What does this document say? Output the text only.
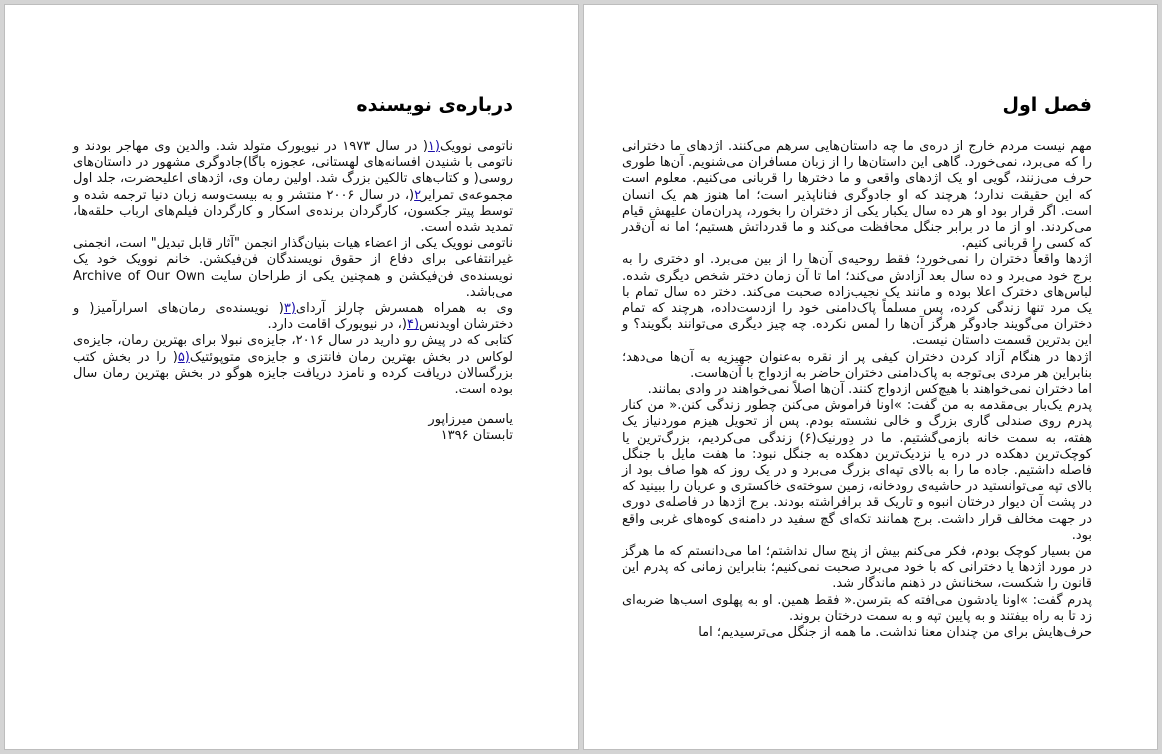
درباره‌ی نویسنده

ناتومی نوویک(۱( در سال ۱۹۷۳ در نیویورک متولد شد. والدین وی مهاجر بودند و ناتومی با شنیدن افسانه‌های لهستانی، عجوزه باگا)جادوگری مشهور در داستان‌های روسی( و کتاب‌های تالکین بزرگ شد. اولین رمان وی، اژدهای اعلیحضرت، جلد اول مجموعه‌ی تمرایر۲(، در سال ۲۰۰۶ منتشر و به بیست‌وسه زبان دنیا ترجمه شده و توسط پیتر جکسون، کارگردان برنده‌ی اسکار و کارگردان فیلم‌های ارباب حلقه‌ها، تمدید شده است.

ناتومی نوویک یکی از اعضاء هیات بنیان‌گذار انجمن "آثار قابل تبدیل" است، انجمنی غیرانتفاعی برای دفاع از حقوق نویسندگان فن‌فیکشن. خانم نوویک خود یک نویسنده‌ی فن‌فیکشن و همچنین یکی از طراحان سایت Archive of Our Own می‌باشد.

وی به همراه همسرش چارلز آردای(۳( نویسنده‌ی رمان‌های اسرارآمیز( و دخترشان اویدنس(۴(، در نیویورک اقامت دارد.

کتابی که در پیش رو دارید در سال ۲۰۱۶، جایزه‌ی نبولا برای بهترین رمان، جایزه‌ی لوکاس در بخش بهترین رمان فانتزی و جایزه‌ی متوپوئتیک(۵( را در بخش کتب بزرگسالان دریافت کرده و نامزد دریافت جایزه هوگو در بخش بهترین رمان سال بوده است.

یاسمن میرزاپور

تابستان ۱۳۹۶

فصل اول

مهم نیست مردم خارج از دره‌ی ما چه داستان‌هایی سرهم می‌کنند. اژدهای ما دخترانی را که می‌برد، نمی‌خورد. گاهی این داستان‌ها را از زبان مسافران می‌شنویم. آن‌ها طوری حرف می‌زنند، گویی او یک اژدهای واقعی و ما دخترها را قربانی می‌کنیم. معلوم است که این حقیقت ندارد؛ هرچند که او جادوگری فناناپذیر است؛ اما هنوز هم یک انسان است. اگر قرار بود او هر ده سال یکبار یکی از دختران را بخورد، پدران‌مان علیهش قیام می‌کردند. او از ما در برابر جنگل محافظت می‌کند و ما قدرداتش هستیم؛ اما نه آن‌قدر که کسی را قربانی کنیم.

اژدها واقعاً دختران را نمی‌خورد؛ فقط روحیه‌ی آن‌ها را از بین می‌برد. او دختری را به برج خود می‌برد و ده سال بعد آزادش می‌کند؛ اما تا آن زمان دختر شخص دیگری شده. لباس‌های دخترک اعلا بوده و مانند یک نجیب‌زاده صحبت می‌کند. دختر ده سال تمام با یک مرد تنها زندگی کرده، پس مسلماً پاک‌دامنی خود را ازدست‌داده، هرچند که تمام دختران می‌گویند جادوگر هرگز آن‌ها را لمس نکرده. چه چیز دیگری می‌توانند بگویند؟ و این بدترین قسمت داستان نیست.

اژدها در هنگام آزاد کردن دختران کیفی پر از نقره به‌عنوان جهیزیه به آن‌ها می‌دهد؛ بنابراین هر مردی بی‌توجه به پاک‌دامنی دختران حاضر به ازدواج با آن‌هاست.

اما دختران نمی‌خواهند با هیچ‌کس ازدواج کنند. آن‌ها اصلاً نمی‌خواهند در وادی بمانند.

پدرم یک‌بار بی‌مقدمه به من گفت: »اونا فراموش می‌کنن چطور زندگی کنن.« من کنار پدرم روی صندلی گاری بزرگ و خالی نشسته بودم. پس از تحویل هیزم موردنیاز یک هفته، به سمت خانه بازمی‌گشتیم. ما در دِورنیک(۶) زندگی می‌کردیم، بزرگ‌ترین یا کوچک‌ترین دهکده در دره یا نزدیک‌ترین دهکده به جنگل نبود: ما هفت مایل با جنگل فاصله داشتیم. جاده ما را به بالای تپه‌ای بزرگ می‌برد و در یک روز که هوا صاف بود از بالای تپه می‌توانستید در حاشیه‌ی رودخانه، زمین سوخته‌ی خاکستری و عریان را ببینید که در پشت آن دیوار درختان انبوه و تاریک قد برافراشته بودند. برج اژدها در فاصله‌ی دوری در جهت مخالف قرار داشت. برج همانند تکه‌ای گچ سفید در دامنه‌ی کوه‌های غربی واقع بود.

من بسیار کوچک بودم، فکر می‌کنم بیش از پنج سال نداشتم؛ اما می‌دانستم که ما هرگز در مورد اژدها یا دخترانی که با خود می‌برد صحبت نمی‌کنیم؛ بنابراین زمانی که پدرم این قانون را شکست، سخنانش در ذهنم ماندگار شد.

پدرم گفت: »اونا یادشون می‌افته که بترسن.« فقط همین. او به پهلوی اسب‌ها ضربه‌ای زد تا به راه بیفتند و به پایین تپه و به سمت درختان بروند.

حرف‌هایش برای من چندان معنا نداشت. ما همه از جنگل می‌ترسیدیم؛ اما
